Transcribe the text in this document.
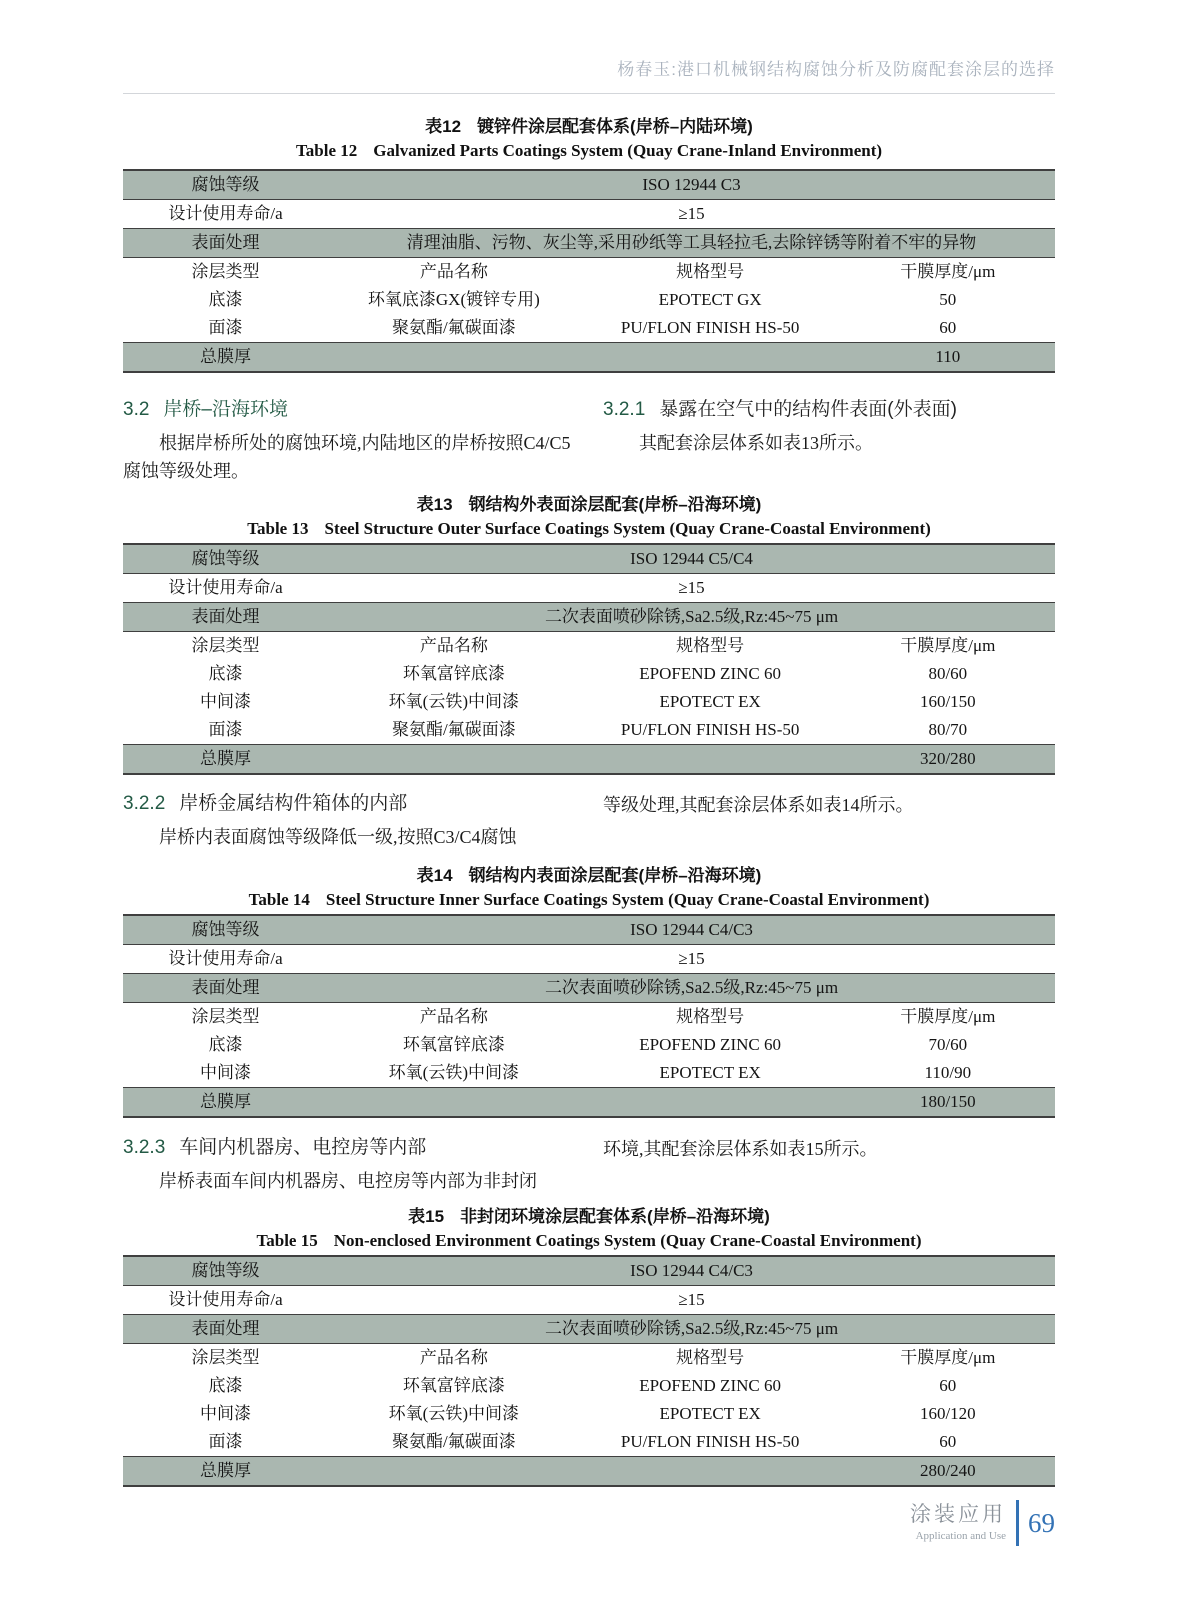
杨春玉:港口机械钢结构腐蚀分析及防腐配套涂层的选择
表12 镀锌件涂层配套体系(岸桥–内陆环境)
Table 12 Galvanized Parts Coatings System (Quay Crane-Inland Environment)
腐蚀等级	ISO 12944 C3		
设计使用寿命/a	≥15		
表面处理	清理油脂、污物、灰尘等,采用砂纸等工具轻拉毛,去除锌锈等附着不牢的异物		
涂层类型	产品名称	规格型号	干膜厚度/μm
底漆	环氧底漆GX(镀锌专用)	EPOTECT GX	50
面漆	聚氨酯/氟碳面漆	PU/FLON FINISH HS-50	60
总膜厚			110
3.2 岸桥–沿海环境

根据岸桥所处的腐蚀环境,内陆地区的岸桥按照C4/C5腐蚀等级处理。

3.2.1 暴露在空气中的结构件表面(外表面)

其配套涂层体系如表13所示。

表13 钢结构外表面涂层配套(岸桥–沿海环境)
Table 13 Steel Structure Outer Surface Coatings System (Quay Crane-Coastal Environment)
腐蚀等级	ISO 12944 C5/C4		
设计使用寿命/a	≥15		
表面处理	二次表面喷砂除锈,Sa2.5级,Rz:45~75 μm		
涂层类型	产品名称	规格型号	干膜厚度/μm
底漆	环氧富锌底漆	EPOFEND ZINC 60	80/60
中间漆	环氧(云铁)中间漆	EPOTECT EX	160/150
面漆	聚氨酯/氟碳面漆	PU/FLON FINISH HS-50	80/70
总膜厚			320/280
3.2.2 岸桥金属结构件箱体的内部

岸桥内表面腐蚀等级降低一级,按照C3/C4腐蚀

等级处理,其配套涂层体系如表14所示。

表14 钢结构内表面涂层配套(岸桥–沿海环境)
Table 14 Steel Structure Inner Surface Coatings System (Quay Crane-Coastal Environment)
腐蚀等级	ISO 12944 C4/C3		
设计使用寿命/a	≥15		
表面处理	二次表面喷砂除锈,Sa2.5级,Rz:45~75 μm		
涂层类型	产品名称	规格型号	干膜厚度/μm
底漆	环氧富锌底漆	EPOFEND ZINC 60	70/60
中间漆	环氧(云铁)中间漆	EPOTECT EX	110/90
总膜厚			180/150
3.2.3 车间内机器房、电控房等内部

岸桥表面车间内机器房、电控房等内部为非封闭

环境,其配套涂层体系如表15所示。

表15 非封闭环境涂层配套体系(岸桥–沿海环境)
Table 15 Non-enclosed Environment Coatings System (Quay Crane-Coastal Environment)
腐蚀等级	ISO 12944 C4/C3		
设计使用寿命/a	≥15		
表面处理	二次表面喷砂除锈,Sa2.5级,Rz:45~75 μm		
涂层类型	产品名称	规格型号	干膜厚度/μm
底漆	环氧富锌底漆	EPOFEND ZINC 60	60
中间漆	环氧(云铁)中间漆	EPOTECT EX	160/120
面漆	聚氨酯/氟碳面漆	PU/FLON FINISH HS-50	60
总膜厚			280/240
涂装应用
Application and Use 69
